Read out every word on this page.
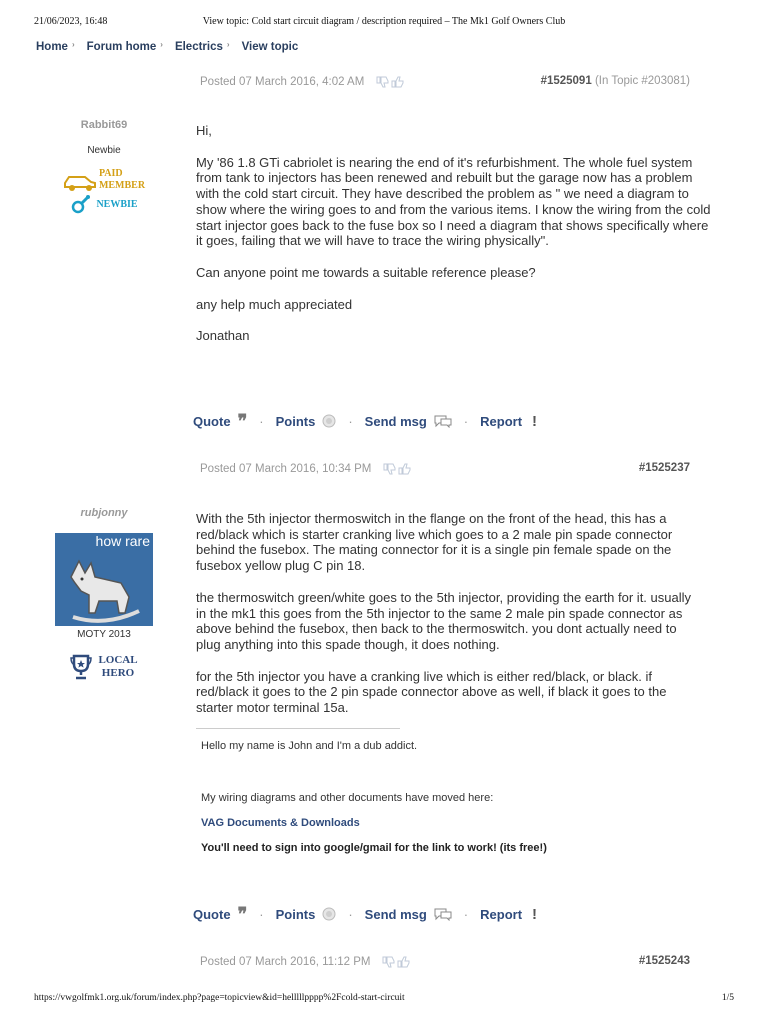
21/06/2023, 16:48	View topic: Cold start circuit diagram / description required – The Mk1 Golf Owners Club
Home › Forum home › Electrics › View topic
Posted 07 March 2016, 4:02 AM	#1525091 (In Topic #203081)
Rabbit69
Newbie
PAID
MEMBER
NEWBIE

Hi,

My '86 1.8 GTi cabriolet is nearing the end of it's refurbishment. The whole fuel system from tank to injectors has been renewed and rebuilt but the garage now has a problem with the cold start circuit. They have described the problem as " we need a diagram to show where the wiring goes to and from the various items. I know the wiring from the cold start injector goes back to the fuse box so I need a diagram that shows specifically where it goes, failing that we will have to trace the wiring physically".

Can anyone point me towards a suitable reference please?

any help much appreciated

Jonathan

Quote ❞ · Points	· Send msg	· Report !
Posted 07 March 2016, 10:34 PM	#1525237
rubjonny
how rare
MOTY 2013
LOCAL
HERO

With the 5th injector thermoswitch in the flange on the front of the head, this has a red/black which is starter cranking live which goes to a 2 male pin spade connector behind the fusebox. The mating connector for it is a single pin female spade on the fusebox yellow plug C pin 18.

the thermoswitch green/white goes to the 5th injector, providing the earth for it. usually in the mk1 this goes from the 5th injector to the same 2 male pin spade connector as above behind the fusebox, then back to the thermoswitch. you dont actually need to plug anything into this spade though, it does nothing.

for the 5th injector you have a cranking live which is either red/black, or black. if red/black it goes to the 2 pin spade connector above as well, if black it goes to the starter motor terminal 15a.

Hello my name is John and I'm a dub addict.
My wiring diagrams and other documents have moved here:
VAG Documents & Downloads
You'll need to sign into google/gmail for the link to work! (its free!)
Quote ❞ · Points	· Send msg	· Report !
Posted 07 March 2016, 11:12 PM	#1525243
https://vwgolfmk1.org.uk/forum/index.php?page=topicview&id=helllllpppp%2Fcold-start-circuit	1/5
